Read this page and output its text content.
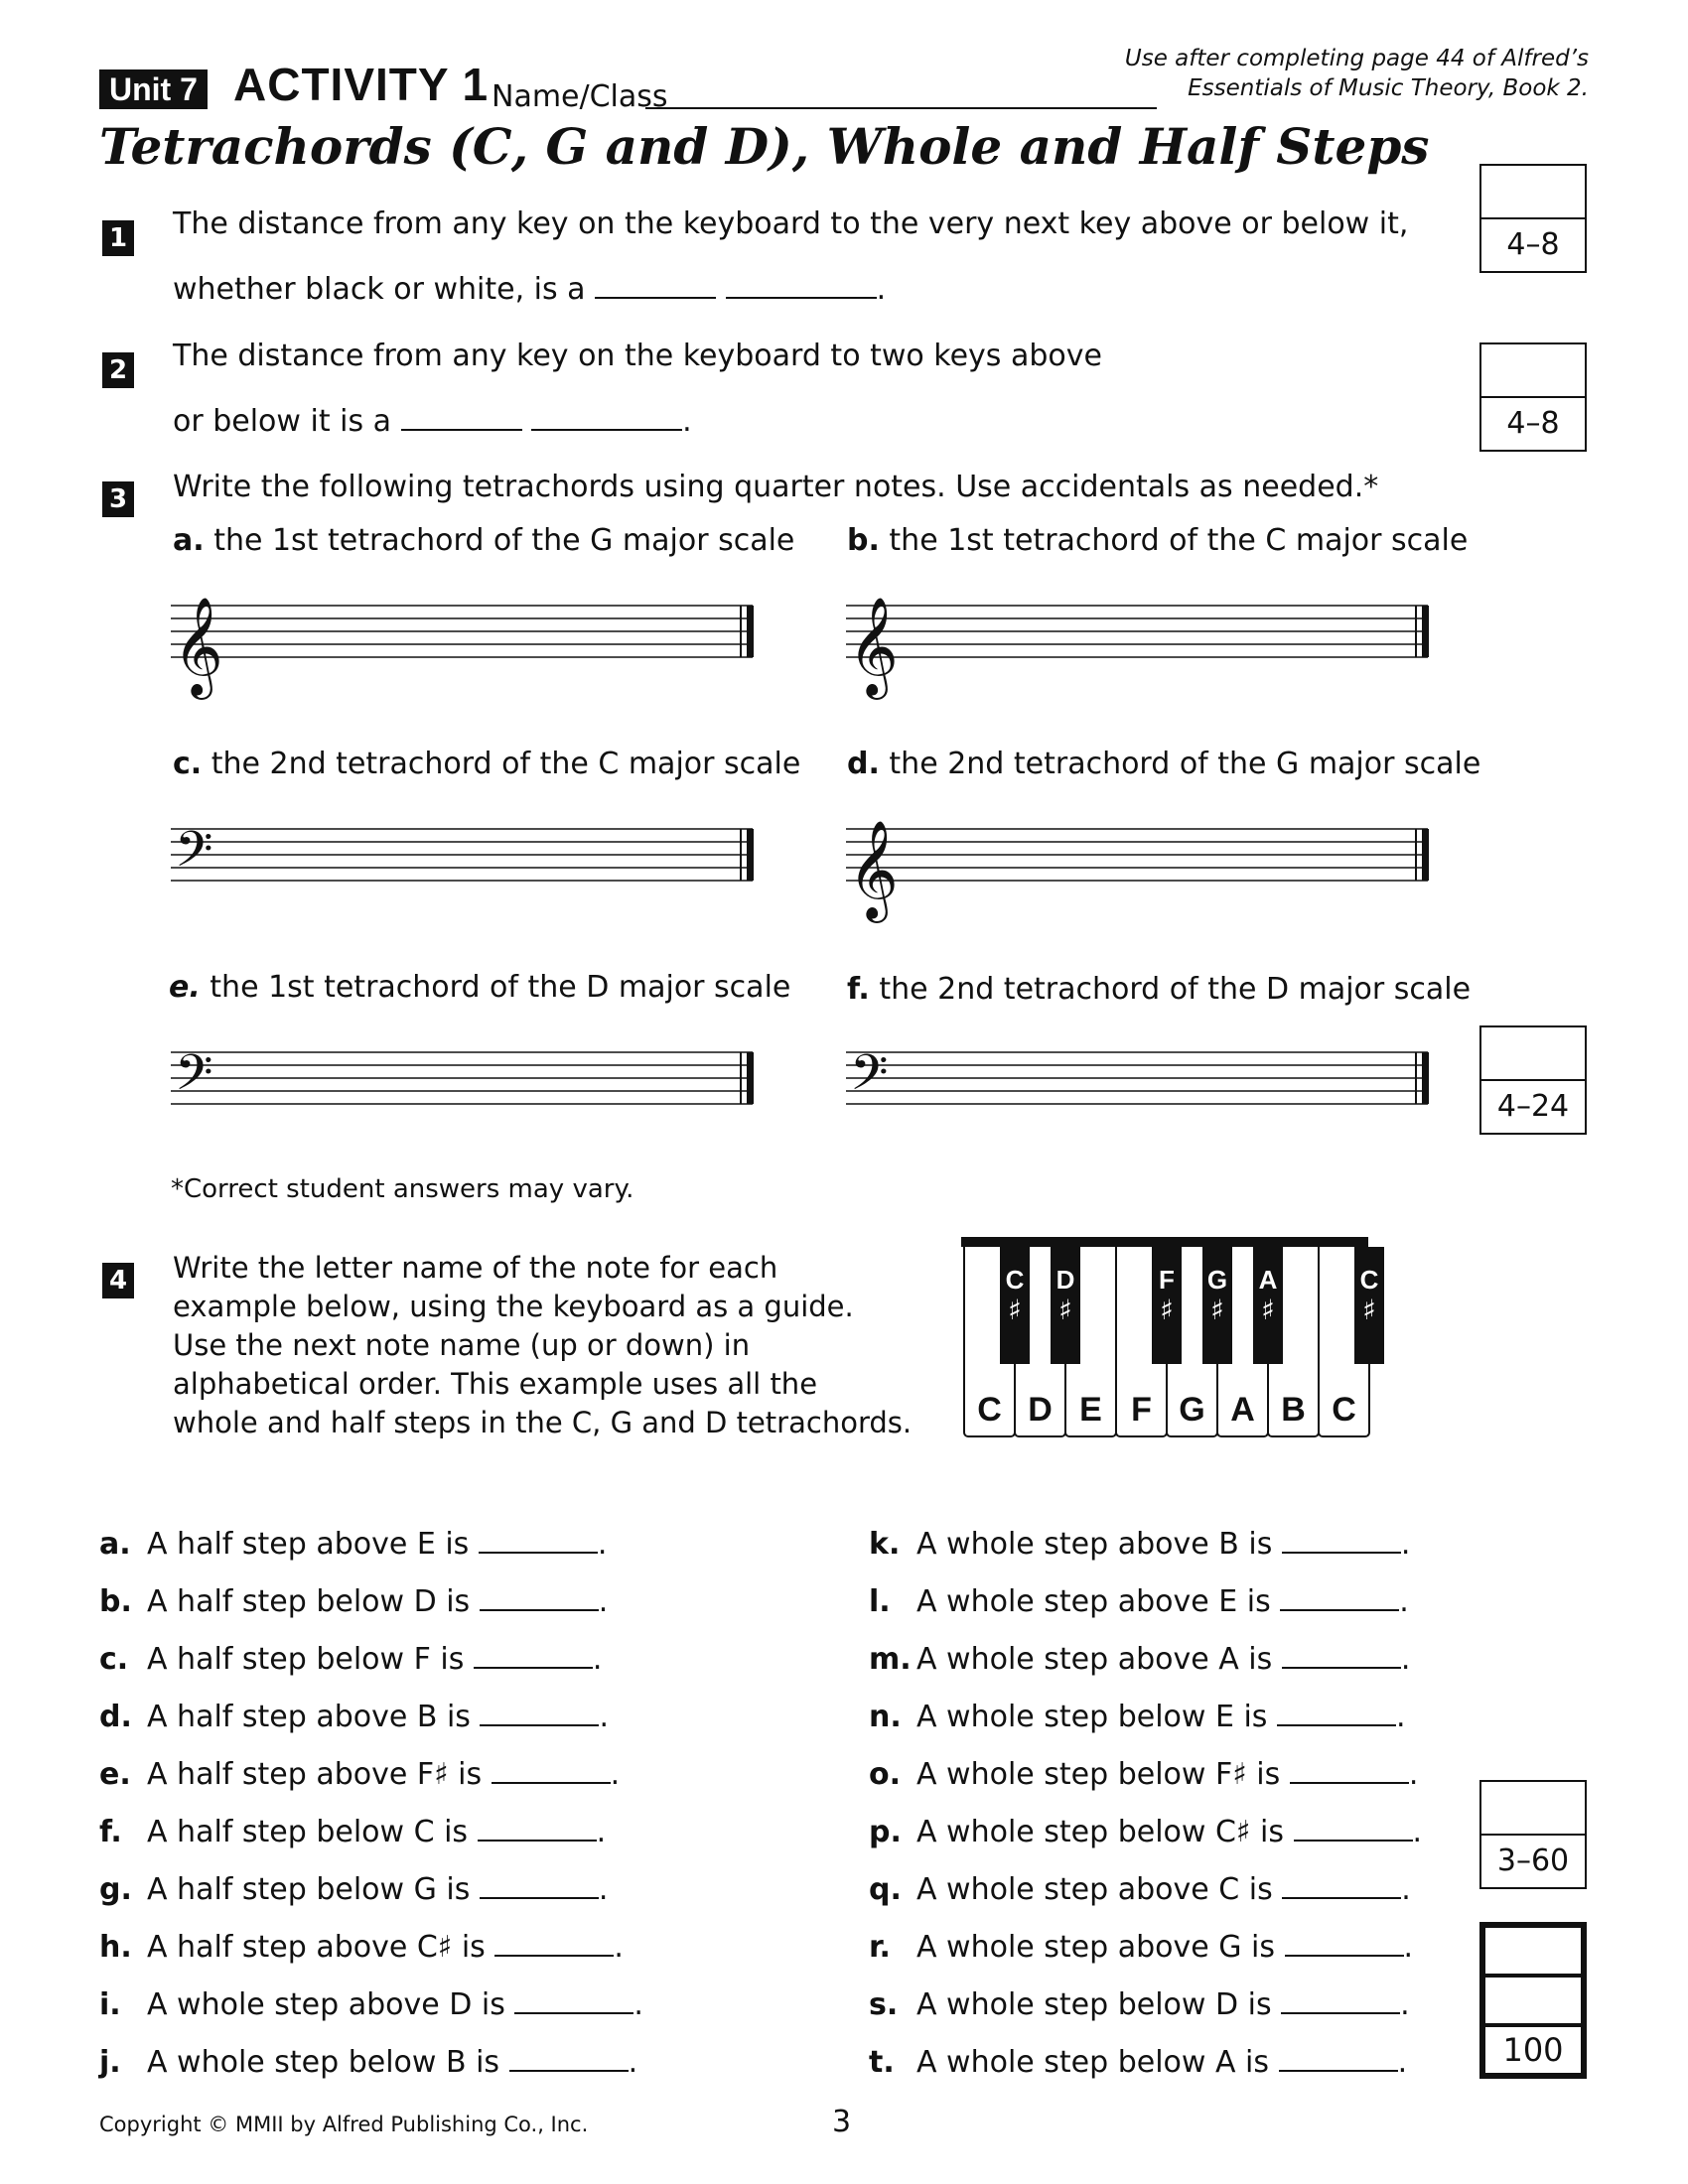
Unit 7 ACTIVITY 1 Name/Class
Use after completing page 44 of Alfred’s
Essentials of Music Theory, Book 2.
Tetrachords (C, G and D), Whole and Half Steps
1 The distance from any key on the keyboard to the very next key above or below it,
whether black or white, is a	.
4–8
2 The distance from any key on the keyboard to two keys above
or below it is a	.	4–8
3 Write the following tetrachords using quarter notes. Use accidentals as needed.*
a. the 1st tetrachord of the G major scale b. the 1st tetrachord of the C major scale
c. the 2nd tetrachord of the C major scale d. the 2nd tetrachord of the G major scale
e. the 1st tetrachord of the D major scale f. the 2nd tetrachord of the D major scale
𝄞	𝄞
𝄢	𝄞
𝄢	𝄢	4–24
*Correct student answers may vary.
4 Write the letter name of the note for each
example below, using the keyboard as a guide.
Use the next note name (up or down) in
alphabetical order. This example uses all the
whole and half steps in the C, G and D tetrachords.	C D E F G A B C
C
♯
D
♯
F
♯
G
♯
A
♯
C
♯
a. A half step above E is	.
b. A half step below D is	.
c. A half step below F is	.
d. A half step above B is	.
e. A half step above F♯ is	.
f. A half step below C is	.
g. A half step below G is	.
h. A half step above C♯ is	.
i. A whole step above D is	.
j. A whole step below B is	.
k. A whole step above B is	.
l. A whole step above E is	.
m. A whole step above A is	.
n. A whole step below E is	.
o. A whole step below F♯ is	.
p. A whole step below C♯ is	.
q. A whole step above C is	.
r. A whole step above G is	.
s. A whole step below D is	.
t. A whole step below A is	.
3–60
100
Copyright © MMII by Alfred Publishing Co., Inc.	3
